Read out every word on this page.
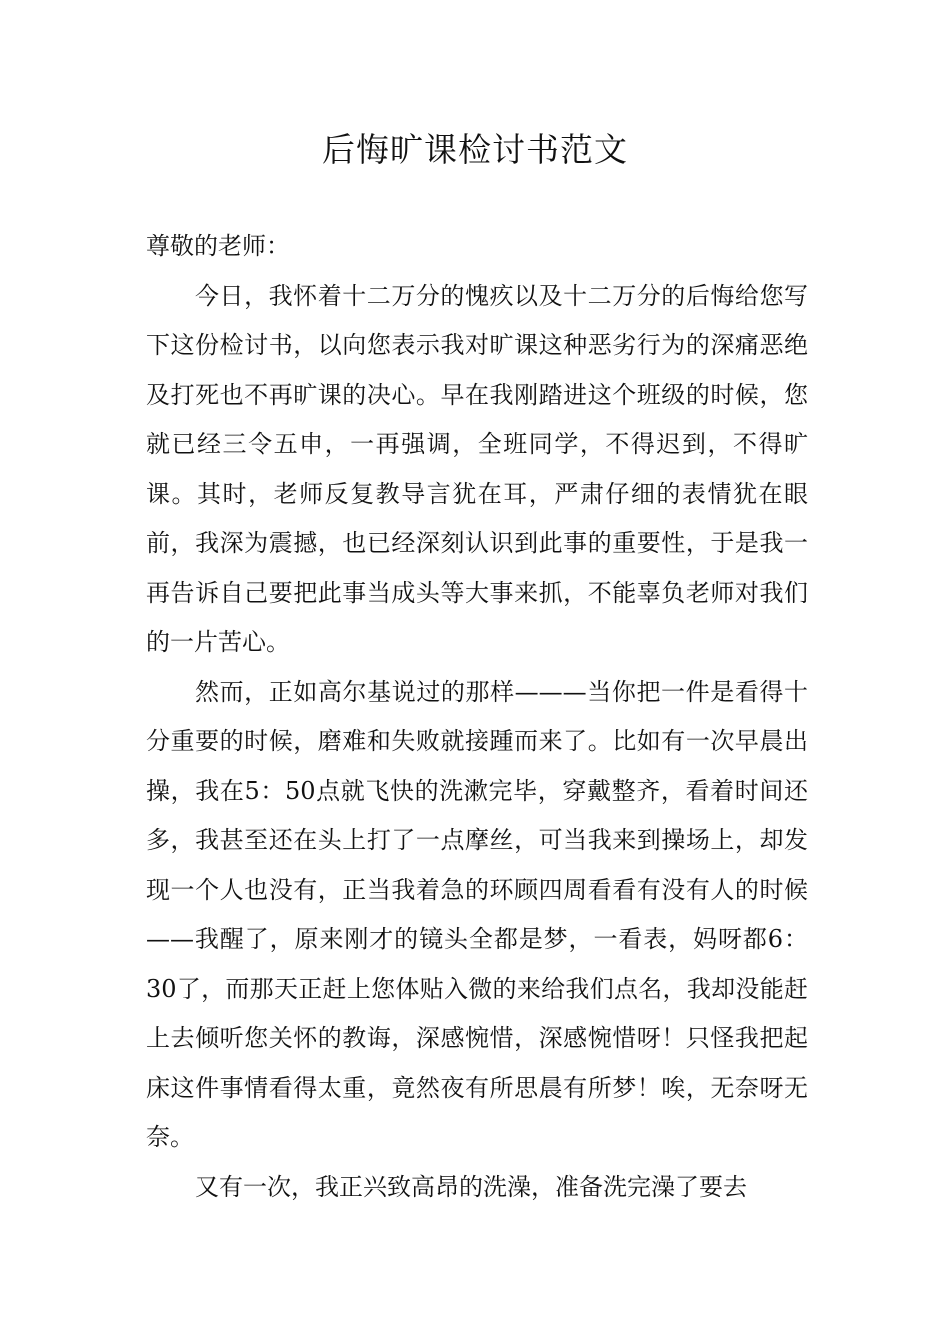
后悔旷课检讨书范文

尊敬的老师：

今日，我怀着十二万分的愧疚以及十二万分的后悔给您写下这份检讨书，以向您表示我对旷课这种恶劣行为的深痛恶绝及打死也不再旷课的决心。早在我刚踏进这个班级的时候，您就已经三令五申，一再强调，全班同学，不得迟到，不得旷课。其时，老师反复教导言犹在耳，严肃仔细的表情犹在眼前，我深为震撼，也已经深刻认识到此事的重要性，于是我一再告诉自己要把此事当成头等大事来抓，不能辜负老师对我们的一片苦心。

然而，正如高尔基说过的那样———当你把一件是看得十分重要的时候，磨难和失败就接踵而来了。比如有一次早晨出操，我在5：50点就飞快的洗漱完毕，穿戴整齐，看着时间还多，我甚至还在头上打了一点摩丝，可当我来到操场上，却发现一个人也没有，正当我着急的环顾四周看看有没有人的时候——我醒了，原来刚才的镜头全都是梦，一看表，妈呀都6：30了，而那天正赶上您体贴入微的来给我们点名，我却没能赶上去倾听您关怀的教诲，深感惋惜，深感惋惜呀！只怪我把起床这件事情看得太重，竟然夜有所思晨有所梦！唉，无奈呀无奈。

又有一次，我正兴致高昂的洗澡，准备洗完澡了要去
